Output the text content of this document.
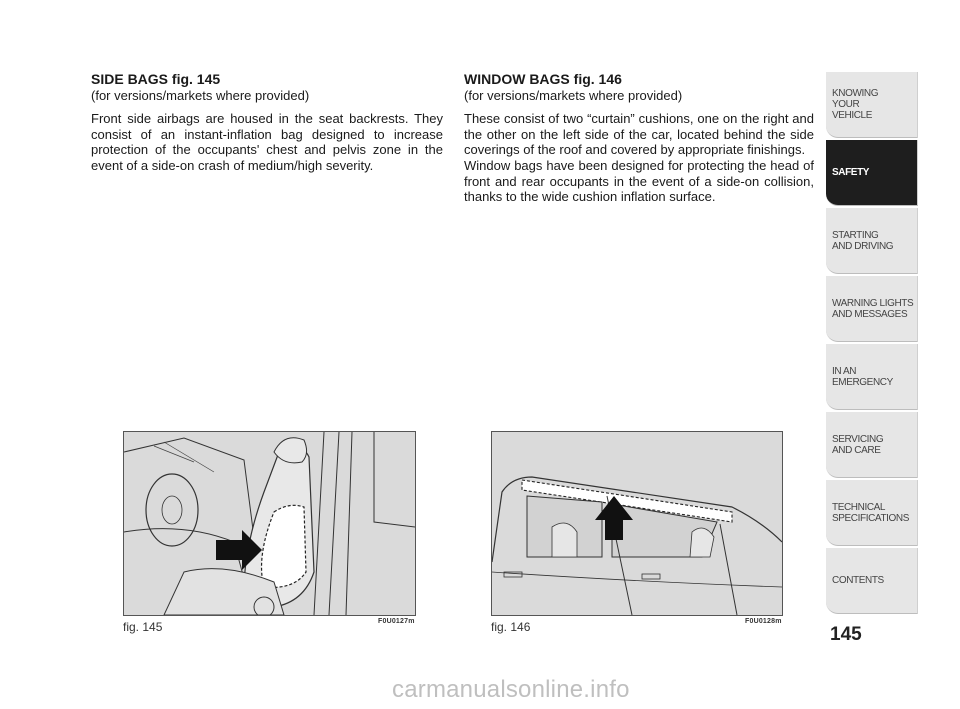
SIDE BAGS fig. 145
(for versions/markets where provided)

Front side airbags are housed in the seat backrests. They consist of an instant-inflation bag designed to increase protection of the occupants' chest and pelvis zone in the event of a side-on crash of medium/high severity.

WINDOW BAGS fig. 146
(for versions/markets where provided)

These consist of two “curtain” cushions, one on the right and the other on the left side of the car, located behind the side coverings of the roof and covered by appropriate finishings.

Window bags have been designed for protecting the head of front and rear occupants in the event of a side-on collision, thanks to the wide cushion inflation surface.

fig. 145	F0U0127m	fig. 146	F0U0128m
KNOWING
YOUR
VEHICLE
SAFETY
STARTING
AND DRIVING
WARNING LIGHTS
AND MESSAGES
IN AN
EMERGENCY
SERVICING
AND CARE
TECHNICAL
SPECIFICATIONS
CONTENTS
145
carmanualsonline.info
